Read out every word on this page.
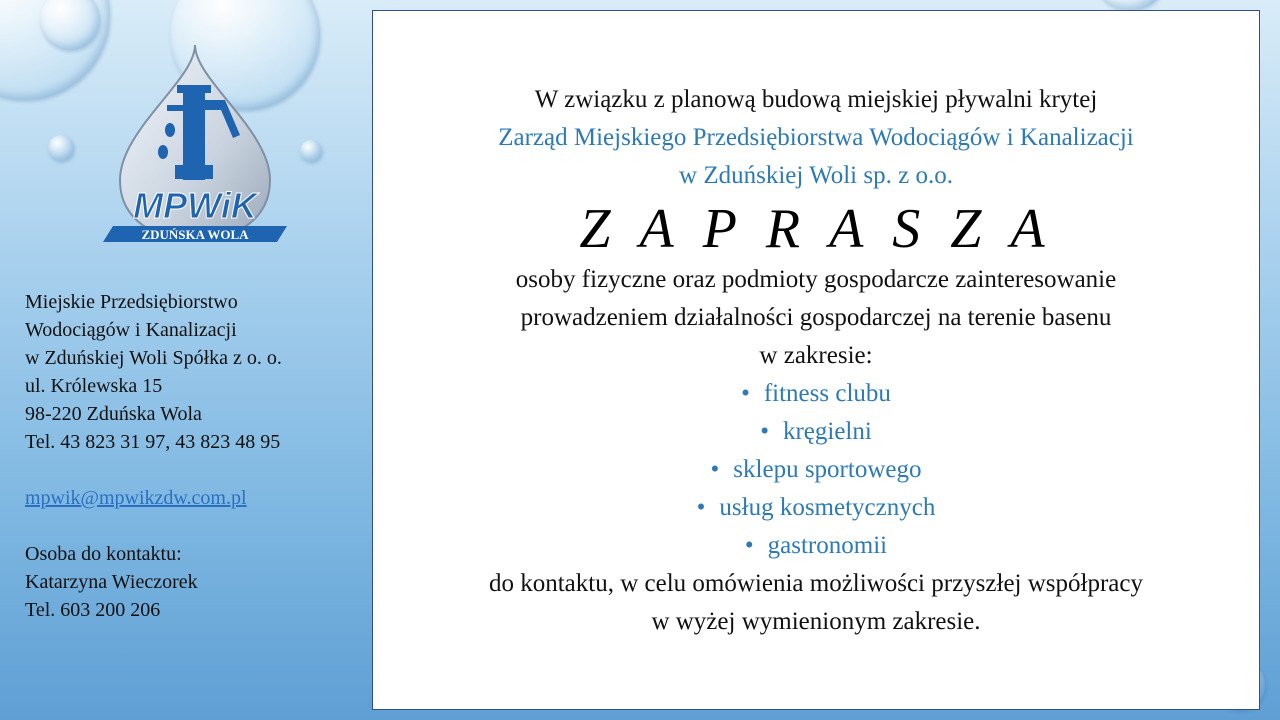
MPWiK
ZDUŃSKA WOLA
Miejskie Przedsiębiorstwo
Wodociągów i Kanalizacji
w Zduńskiej Woli Spółka z o. o.
ul. Królewska 15
98-220 Zduńska Wola
Tel. 43 823 31 97, 43 823 48 95
mpwik@mpwikzdw.com.pl
Osoba do kontaktu:
Katarzyna Wieczorek
Tel. 603 200 206
W związku z planową budową miejskiej pływalni krytej
Zarząd Miejskiego Przedsiębiorstwa Wodociągów i Kanalizacji
w Zduńskiej Woli sp. z o.o.
Z A P R A S Z A
osoby fizyczne oraz podmioty gospodarcze zainteresowanie
prowadzeniem działalności gospodarczej na terenie basenu
w zakresie:
• fitness clubu
• kręgielni
• sklepu sportowego
• usług kosmetycznych
• gastronomii
do kontaktu, w celu omówienia możliwości przyszłej współpracy
w wyżej wymienionym zakresie.
